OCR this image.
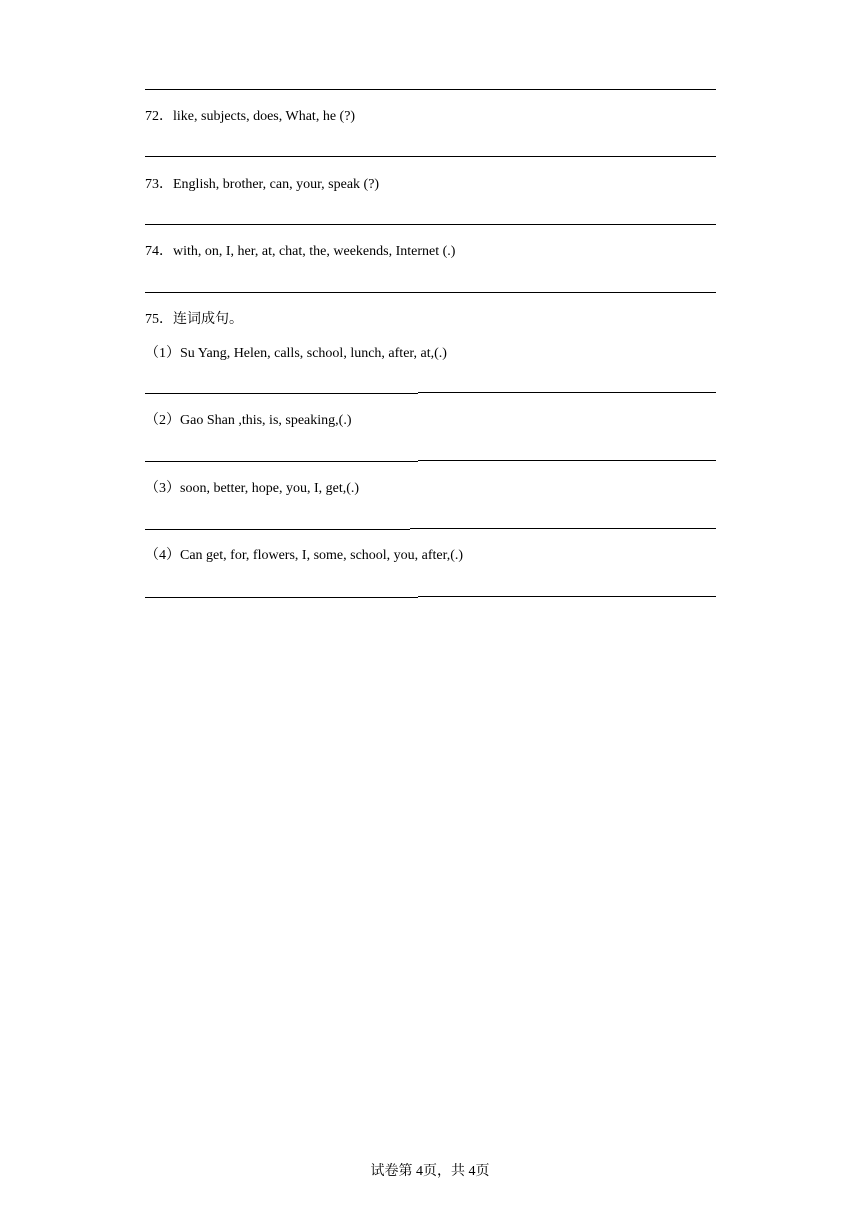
72．like, subjects, does, What, he (?)
73．English, brother, can, your, speak (?)
74．with, on, I, her, at, chat, the, weekends, Internet (.)
75．连词成句。
（1）Su Yang, Helen, calls, school, lunch, after, at,(.)
（2）Gao Shan ,this, is, speaking,(.)
（3）soon, better, hope, you, I, get,(.)
（4）Can get, for, flowers, I, some, school, you, after,(.)
试卷第 4页，共 4页
